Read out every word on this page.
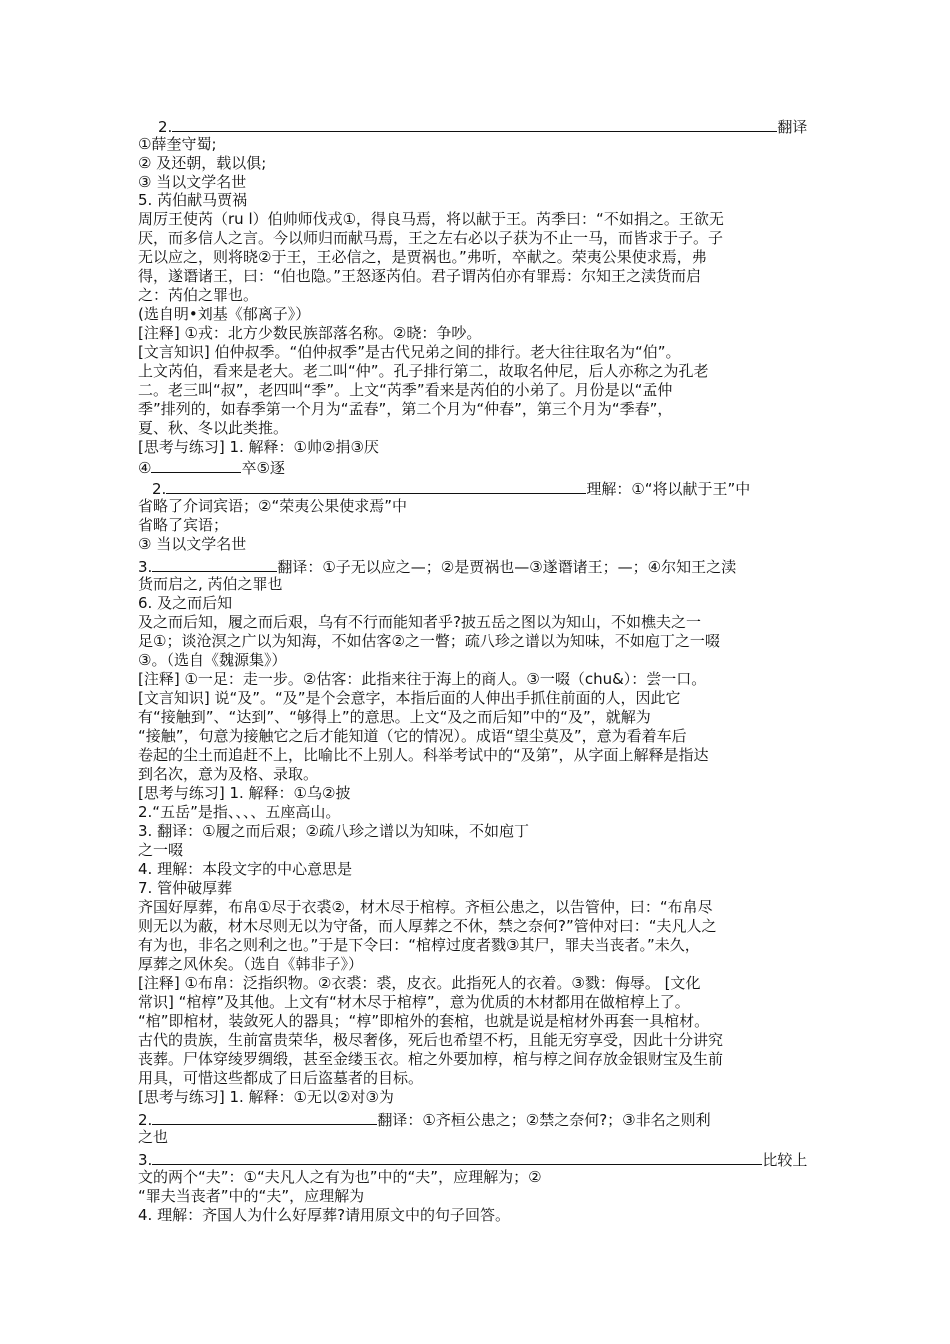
2.	翻译
①薛奎守蜀;
② 及还朝，载以俱;
③ 当以文学名世
5. 芮伯献马贾祸
周厉王使芮（ru l）伯帅师伐戎①，得良马焉，将以献于王。芮季曰：“不如捐之。王欲无
厌，而多信人之言。今以师归而献马焉，王之左右必以子获为不止一马，而皆求于子。子
无以应之，则将晓②于王，王必信之，是贾祸也。”弗听，卒献之。荣夷公果使求焉，弗
得，遂谮诸王，曰：“伯也隐。”王怒逐芮伯。君子谓芮伯亦有罪焉：尔知王之渎货而启
之：芮伯之罪也。
(选自明•刘基《郁离子》）
[注释] ①戎：北方少数民族部落名称。②晓：争吵。
[文言知识] 伯仲叔季。“伯仲叔季”是古代兄弟之间的排行。老大往往取名为“伯”。
上文芮伯，看来是老大。老二叫“仲”。孔子排行第二，故取名仲尼，后人亦称之为孔老
二。老三叫“叔”，老四叫“季”。上文“芮季”看来是芮伯的小弟了。月份是以“孟仲
季”排列的，如春季第一个月为“孟春”，第二个月为“仲春”，第三个月为“季春”，
夏、秋、冬以此类推。
[思考与练习] 1. 解释：①帅②捐③厌
④	卒⑤逐
2.	理解：①“将以献于王”中
省略了介词宾语；②“荣夷公果使求焉”中
省略了宾语；
③ 当以文学名世
3.	翻译：①子无以应之—；②是贾祸也—③遂谮诸王；—；④尔知王之渎
货而启之, 芮伯之罪也
6. 及之而后知
及之而后知，履之而后艰，乌有不行而能知者乎?披五岳之图以为知山，不如樵夫之一
足①；谈沧溟之广以为知海，不如估客②之一瞥；疏八珍之谱以为知味，不如庖丁之一啜
③。（选自《魏源集》）
[注释] ①一足：走一步。②估客：此指来往于海上的商人。③一啜（chu&）：尝一口。
[文言知识] 说“及”。“及”是个会意字，本指后面的人伸出手抓住前面的人，因此它
有“接触到”、“达到”、“够得上”的意思。上文“及之而后知”中的“及”，就解为
“接触”，句意为接触它之后才能知道（它的情况）。成语“望尘莫及”，意为看着车后
卷起的尘土而追赶不上，比喻比不上别人。科举考试中的“及第”，从字面上解释是指达
到名次，意为及格、录取。
[思考与练习] 1. 解释：①乌②披
2.“五岳”是指、、、、五座高山。
3. 翻译：①履之而后艰；②疏八珍之谱以为知味，不如庖丁
之一啜
4. 理解：本段文字的中心意思是
7. 管仲破厚葬
齐国好厚葬，布帛①尽于衣裘②，材木尽于棺椁。齐桓公患之，以告管仲，曰：“布帛尽
则无以为蔽，材木尽则无以为守备，而人厚葬之不休，禁之奈何?”管仲对曰：“夫凡人之
有为也，非名之则利之也。”于是下令曰：“棺椁过度者戮③其尸，罪夫当丧者。”未久，
厚葬之风休矣。（选自《韩非子》）
[注释] ①布帛：泛指织物。②衣裘：裘，皮衣。此指死人的衣着。③戮：侮辱。 [文化
常识] “棺椁”及其他。上文有“材木尽于棺椁”，意为优质的木材都用在做棺椁上了。
“棺”即棺材，装敛死人的器具；“椁”即棺外的套棺，也就是说是棺材外再套一具棺材。
古代的贵族，生前富贵荣华，极尽奢侈，死后也希望不朽，且能无穷享受，因此十分讲究
丧葬。尸体穿绫罗绸缎，甚至金缕玉衣。棺之外要加椁，棺与椁之间存放金银财宝及生前
用具，可惜这些都成了日后盗墓者的目标。
[思考与练习] 1. 解释：①无以②对③为
2.	翻译：①齐桓公患之；②禁之奈何?；③非名之则利
之也
3.	比较上
文的两个“夫”：①“夫凡人之有为也”中的“夫”，应理解为；②
“罪夫当丧者”中的“夫”，应理解为
4. 理解：齐国人为什么好厚葬?请用原文中的句子回答。
